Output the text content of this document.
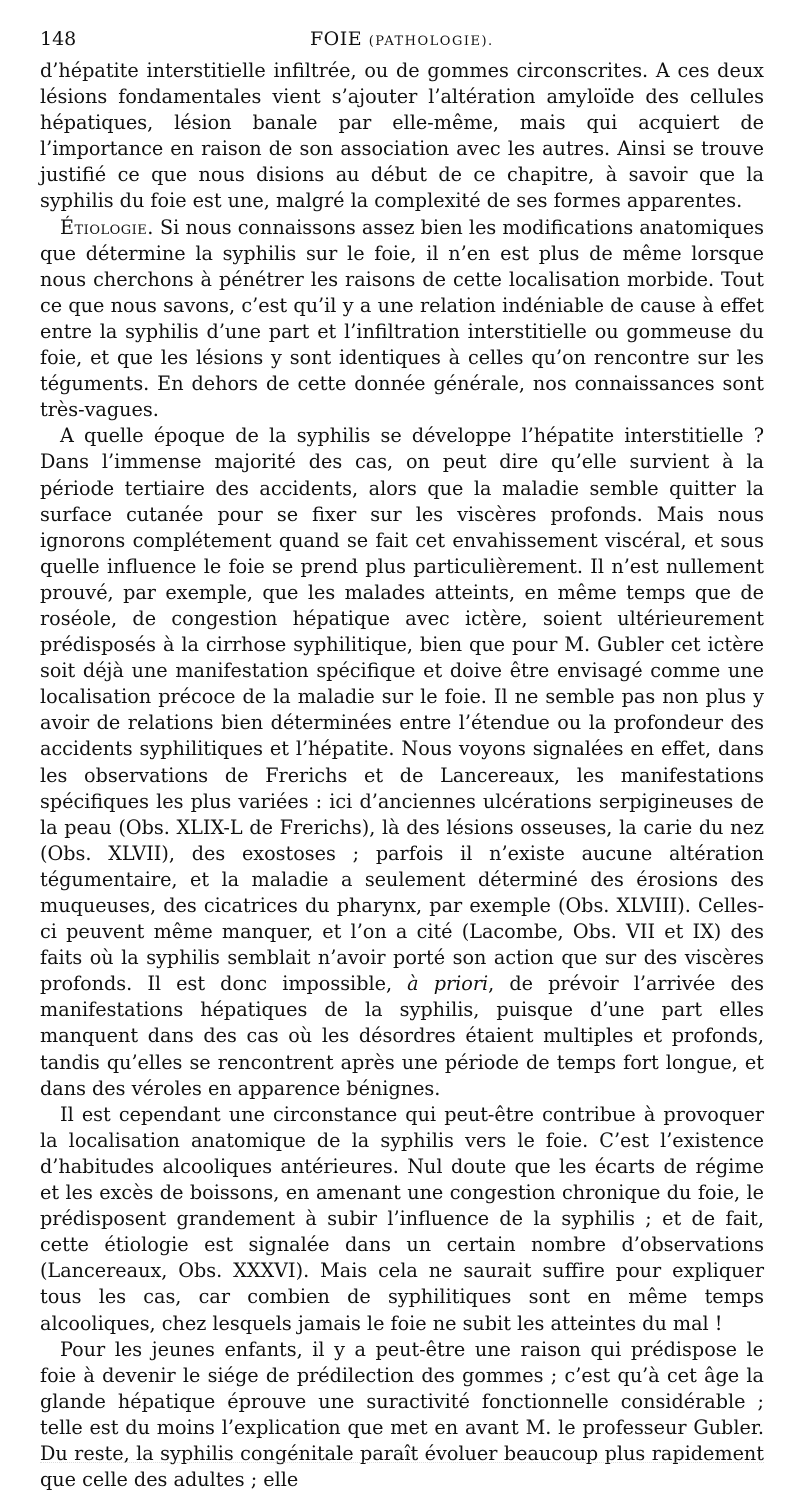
148	FOIE (PATHOLOGIE).

d’hépatite interstitielle infiltrée, ou de gommes circonscrites. A ces deux lésions fondamentales vient s’ajouter l’altération amyloïde des cellules hépatiques, lésion banale par elle-même, mais qui acquiert de l’importance en raison de son association avec les autres. Ainsi se trouve justifié ce que nous disions au début de ce chapitre, à savoir que la syphilis du foie est une, malgré la complexité de ses formes apparentes.

Étiologie. Si nous connaissons assez bien les modifications anatomiques que détermine la syphilis sur le foie, il n’en est plus de même lorsque nous cherchons à pénétrer les raisons de cette localisation morbide. Tout ce que nous savons, c’est qu’il y a une relation indéniable de cause à effet entre la syphilis d’une part et l’infiltration interstitielle ou gommeuse du foie, et que les lésions y sont identiques à celles qu’on rencontre sur les téguments. En dehors de cette donnée générale, nos connaissances sont très-vagues.

A quelle époque de la syphilis se développe l’hépatite interstitielle ? Dans l’immense majorité des cas, on peut dire qu’elle survient à la période tertiaire des accidents, alors que la maladie semble quitter la surface cutanée pour se fixer sur les viscères profonds. Mais nous ignorons complétement quand se fait cet envahissement viscéral, et sous quelle influence le foie se prend plus particulièrement. Il n’est nullement prouvé, par exemple, que les malades atteints, en même temps que de roséole, de congestion hépatique avec ictère, soient ultérieurement prédisposés à la cirrhose syphilitique, bien que pour M. Gubler cet ictère soit déjà une manifestation spécifique et doive être envisagé comme une localisation précoce de la maladie sur le foie. Il ne semble pas non plus y avoir de relations bien déterminées entre l’étendue ou la profondeur des accidents syphilitiques et l’hépatite. Nous voyons signalées en effet, dans les observations de Frerichs et de Lancereaux, les manifestations spécifiques les plus variées : ici d’anciennes ulcérations serpigineuses de la peau (Obs. XLIX-L de Frerichs), là des lésions osseuses, la carie du nez (Obs. XLVII), des exostoses ; parfois il n’existe aucune altération tégumentaire, et la maladie a seulement déterminé des érosions des muqueuses, des cicatrices du pharynx, par exemple (Obs. XLVIII). Celles-ci peuvent même manquer, et l’on a cité (Lacombe, Obs. VII et IX) des faits où la syphilis semblait n’avoir porté son action que sur des viscères profonds. Il est donc impossible, à priori, de prévoir l’arrivée des manifestations hépatiques de la syphilis, puisque d’une part elles manquent dans des cas où les désordres étaient multiples et profonds, tandis qu’elles se rencontrent après une période de temps fort longue, et dans des véroles en apparence bénignes.

Il est cependant une circonstance qui peut-être contribue à provoquer la localisation anatomique de la syphilis vers le foie. C’est l’existence d’habitudes alcooliques antérieures. Nul doute que les écarts de régime et les excès de boissons, en amenant une congestion chronique du foie, le prédisposent grandement à subir l’influence de la syphilis ; et de fait, cette étiologie est signalée dans un certain nombre d’observations (Lancereaux, Obs. XXXVI). Mais cela ne saurait suffire pour expliquer tous les cas, car combien de syphilitiques sont en même temps alcooliques, chez lesquels jamais le foie ne subit les atteintes du mal !

Pour les jeunes enfants, il y a peut-être une raison qui prédispose le foie à devenir le siége de prédilection des gommes ; c’est qu’à cet âge la glande hépatique éprouve une suractivité fonctionnelle considérable ; telle est du moins l’explication que met en avant M. le professeur Gubler. Du reste, la syphilis congénitale paraît évoluer beaucoup plus rapidement que celle des adultes ; elle
